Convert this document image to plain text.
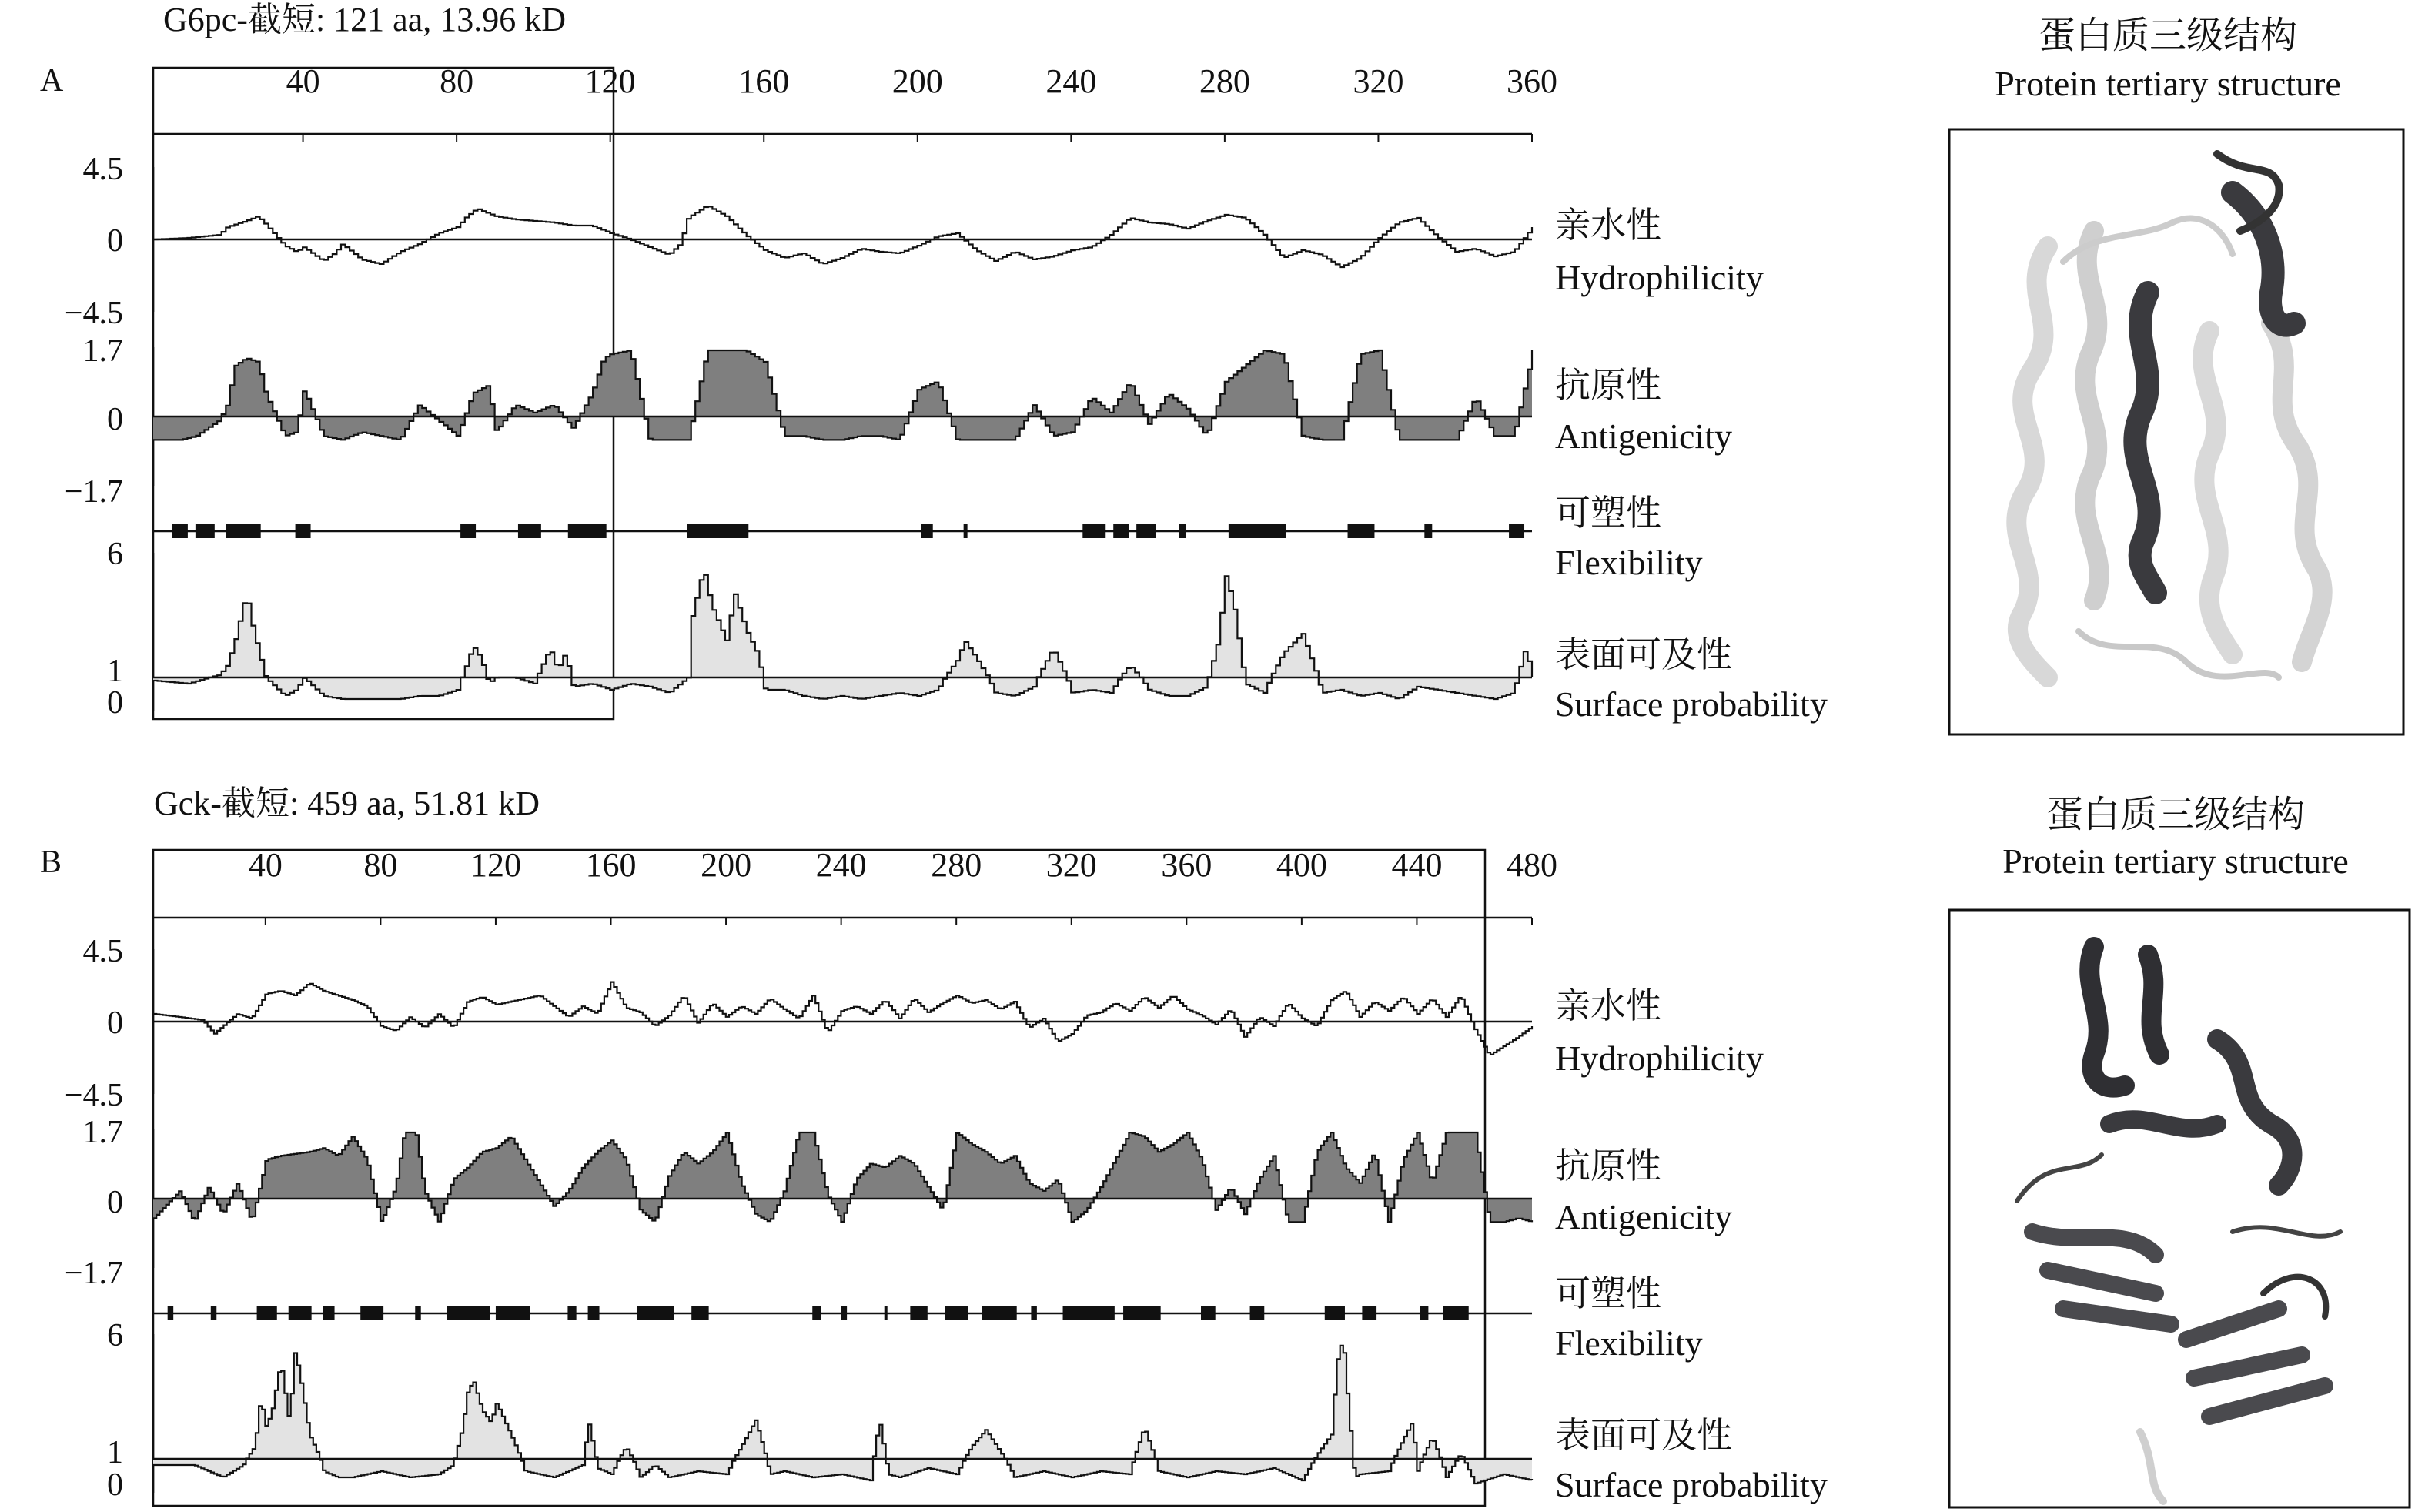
A
G6pc-截短: 121 aa, 13.96 kD
40	80	120	160	200	240	280	320	360
4.5
0
−4.5
1.7
0
−1.7
6
1
0
亲水性
Hydrophilicity
抗原性
Antigenicity
可塑性
Flexibility
表面可及性
Surface probability
蛋白质三级结构
Protein tertiary structure
B
Gck-截短: 459 aa, 51.81 kD
40 80 120 160 200 240 280 320 360 400 440 480
4.5
0
−4.5
1.7
0
−1.7
6
1
0
亲水性
Hydrophilicity
抗原性
Antigenicity
可塑性
Flexibility
表面可及性
Surface probability
蛋白质三级结构
Protein tertiary structure
